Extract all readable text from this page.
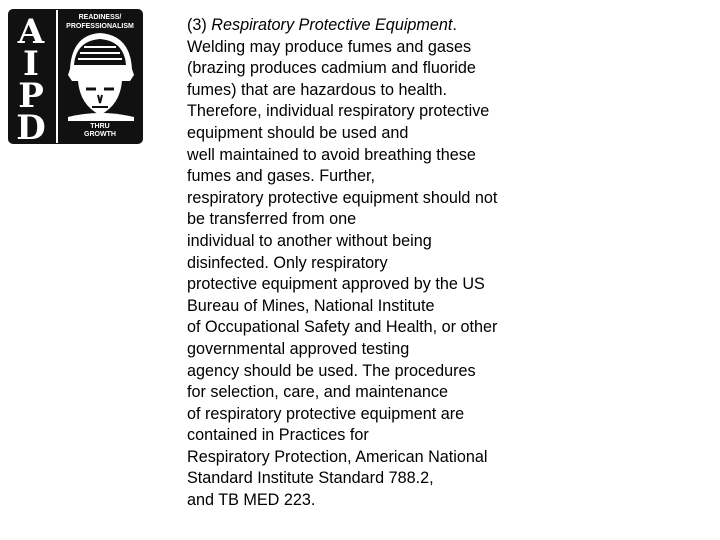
A
I
P
D
READINESS/
PROFESSIONALISM
THRU
GROWTH
(3) Respiratory Protective Equipment.
Welding may produce fumes and gases
(brazing produces cadmium and fluoride
fumes) that are hazardous to health.
Therefore, individual respiratory protective
equipment should be used and
well maintained to avoid breathing these
fumes and gases. Further,
respiratory protective equipment should not
be transferred from one
individual to another without being
disinfected. Only respiratory
protective equipment approved by the US
Bureau of Mines, National Institute
of Occupational Safety and Health, or other
governmental approved testing
agency should be used. The procedures
for selection, care, and maintenance
of respiratory protective equipment are
contained in Practices for
Respiratory Protection, American National
Standard Institute Standard 788.2,
and TB MED 223.
